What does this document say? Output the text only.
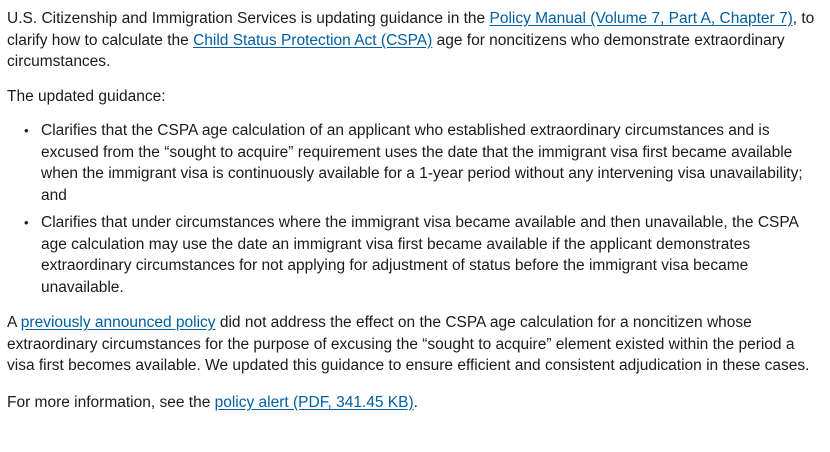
U.S. Citizenship and Immigration Services is updating guidance in the Policy Manual (Volume 7, Part A, Chapter 7), to clarify how to calculate the Child Status Protection Act (CSPA) age for noncitizens who demonstrate extraordinary circumstances.

The updated guidance:

• Clarifies that the CSPA age calculation of an applicant who established extraordinary circumstances and is excused from the “sought to acquire” requirement uses the date that the immigrant visa first became available when the immigrant visa is continuously available for a 1-year period without any intervening visa unavailability; and
• Clarifies that under circumstances where the immigrant visa became available and then unavailable, the CSPA age calculation may use the date an immigrant visa first became available if the applicant demonstrates extraordinary circumstances for not applying for adjustment of status before the immigrant visa became unavailable.

A previously announced policy did not address the effect on the CSPA age calculation for a noncitizen whose extraordinary circumstances for the purpose of excusing the “sought to acquire” element existed within the period a visa first becomes available. We updated this guidance to ensure efficient and consistent adjudication in these cases.

For more information, see the policy alert (PDF, 341.45 KB).
